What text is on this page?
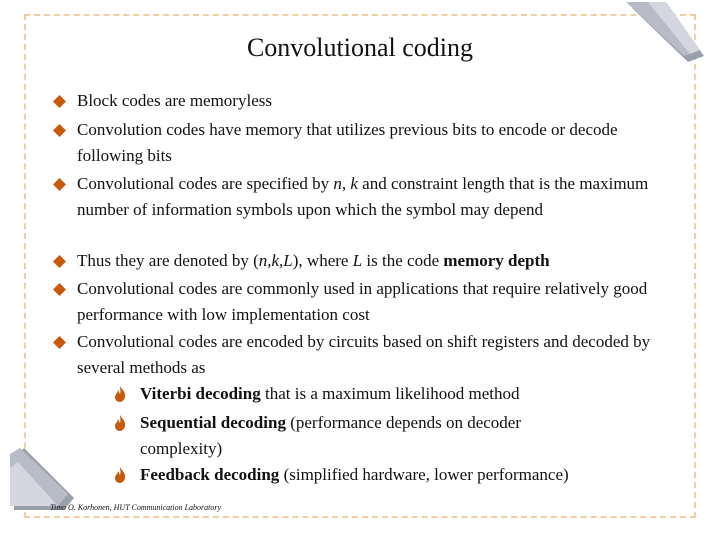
Convolutional coding
Block codes are memoryless
Convolution codes have memory that utilizes previous bits to encode or decode following bits
Convolutional codes are specified by n, k and constraint length that is the maximum number of information symbols upon which the symbol may depend
Thus they are denoted by (n,k,L), where L is the code memory depth
Convolutional codes are commonly used in applications that require relatively good performance with low implementation cost
Convolutional codes are encoded by circuits based on shift registers and decoded by several methods as
Viterbi decoding that is a maximum likelihood method
Sequential decoding (performance depends on decoder complexity)
Feedback decoding (simplified hardware, lower performance)
Timo O. Korhonen, HUT Communication Laboratory
